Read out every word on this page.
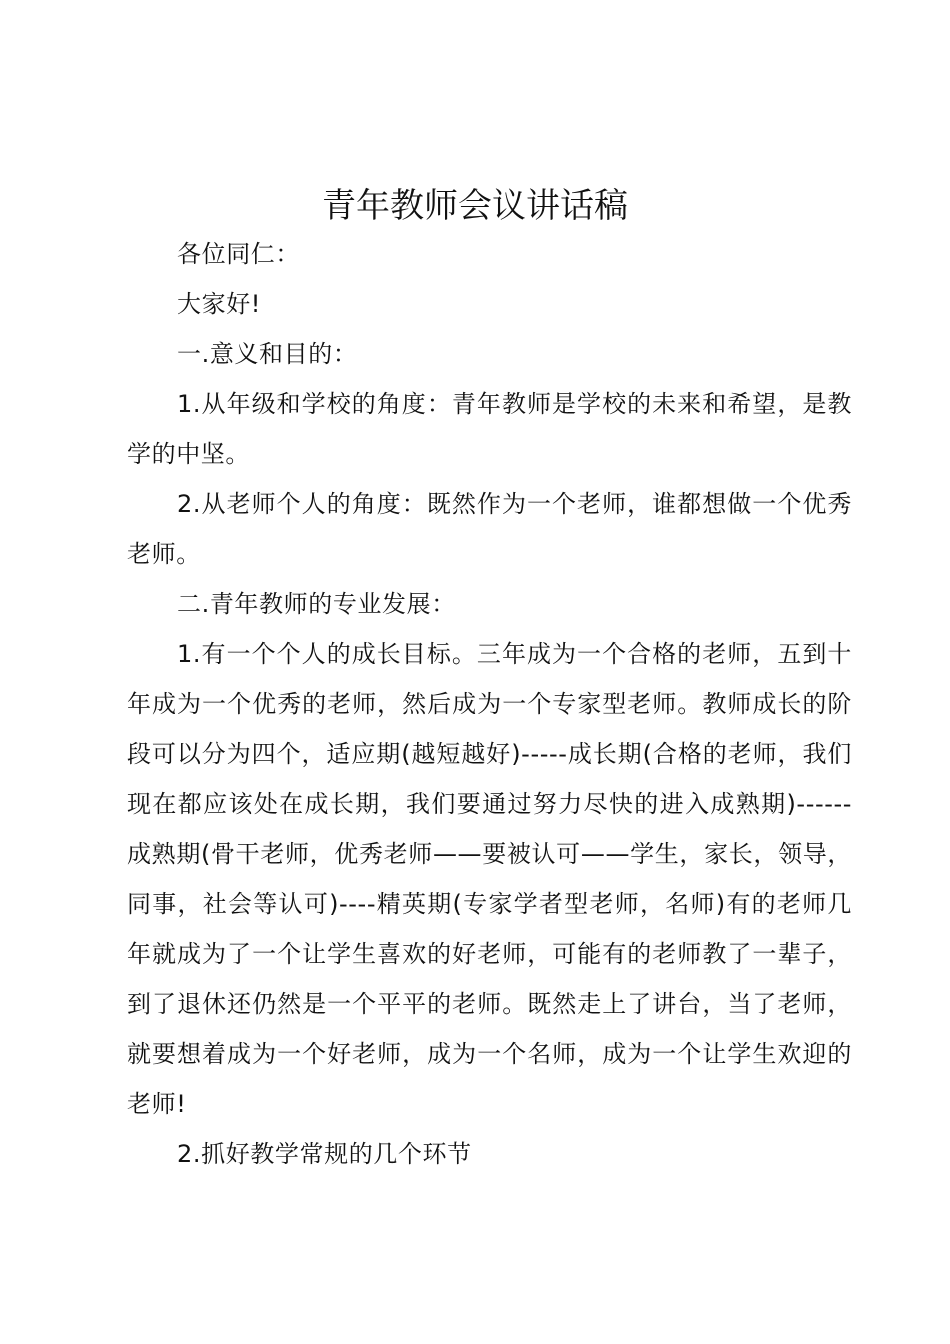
青年教师会议讲话稿

各位同仁：

大家好!

一.意义和目的：

1.从年级和学校的角度：青年教师是学校的未来和希望，是教学的中坚。

2.从老师个人的角度：既然作为一个老师，谁都想做一个优秀老师。

二.青年教师的专业发展：

1.有一个个人的成长目标。三年成为一个合格的老师，五到十年成为一个优秀的老师，然后成为一个专家型老师。教师成长的阶段可以分为四个，适应期(越短越好)-----成长期(合格的老师，我们现在都应该处在成长期，我们要通过努力尽快的进入成熟期)------成熟期(骨干老师，优秀老师——要被认可——学生，家长，领导，同事，社会等认可)----精英期(专家学者型老师，名师)有的老师几年就成为了一个让学生喜欢的好老师，可能有的老师教了一辈子，到了退休还仍然是一个平平的老师。既然走上了讲台，当了老师，就要想着成为一个好老师，成为一个名师，成为一个让学生欢迎的老师!

2.抓好教学常规的几个环节
